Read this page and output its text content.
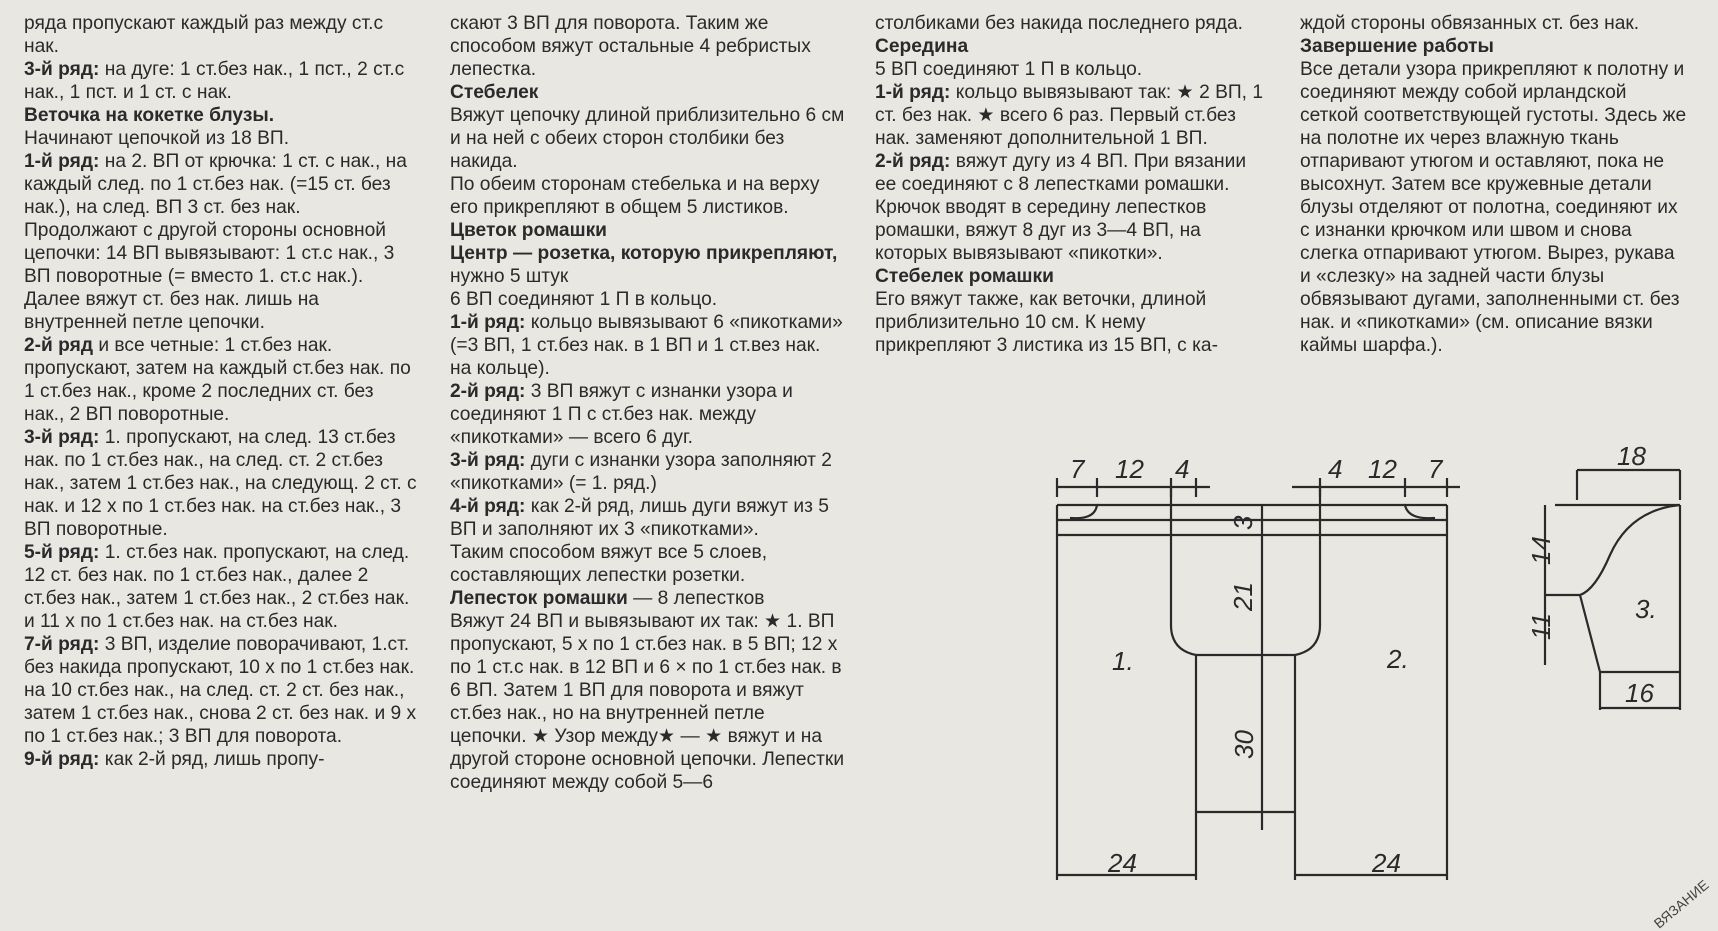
ряда пропускают каждый раз между ст.с нак.

3-й ряд: на дуге: 1 ст.без нак., 1 пст., 2 ст.с нак., 1 пст. и 1 ст. с нак.

Веточка на кокетке блузы.

Начинают цепочкой из 18 ВП.

1-й ряд: на 2. ВП от крючка: 1 ст. с нак., на каждый след. по 1 ст.без нак. (=15 ст. без нак.), на след. ВП 3 ст. без нак. Продолжают с другой стороны основной цепочки: 14 ВП вывязывают: 1 ст.с нак., 3 ВП поворотные (= вместо 1. ст.с нак.). Далее вяжут ст. без нак. лишь на внутренней петле цепочки.

2-й ряд и все четные: 1 ст.без нак. пропускают, затем на каждый ст.без нак. по 1 ст.без нак., кроме 2 последних ст. без нак., 2 ВП поворотные.

3-й ряд: 1. пропускают, на след. 13 ст.без нак. по 1 ст.без нак., на след. ст. 2 ст.без нак., затем 1 ст.без нак., на следующ. 2 ст. с нак. и 12 х по 1 ст.без нак. на ст.без нак., 3 ВП поворотные.

5-й ряд: 1. ст.без нак. пропускают, на след. 12 ст. без нак. по 1 ст.без нак., далее 2 ст.без нак., затем 1 ст.без нак., 2 ст.без нак. и 11 х по 1 ст.без нак. на ст.без нак.

7-й ряд: 3 ВП, изделие поворачивают, 1.ст. без накида пропускают, 10 х по 1 ст.без нак. на 10 ст.без нак., на след. ст. 2 ст. без нак., затем 1 ст.без нак., снова 2 ст. без нак. и 9 х по 1 ст.без нак.; 3 ВП для поворота.

9-й ряд: как 2-й ряд, лишь пропу-

скают 3 ВП для поворота. Таким же способом вяжут остальные 4 ребристых лепестка.

Стебелек

Вяжут цепочку длиной приблизительно 6 см и на ней с обеих сторон столбики без накида.

По обеим сторонам стебелька и на верху его прикрепляют в общем 5 листиков.

Цветок ромашки

Центр — розетка, которую прикрепляют, нужно 5 штук

6 ВП соединяют 1 П в кольцо.

1-й ряд: кольцо вывязывают 6 «пикотками» (=3 ВП, 1 ст.без нак. в 1 ВП и 1 ст.вез нак. на кольце).

2-й ряд: 3 ВП вяжут с изнанки узора и соединяют 1 П с ст.без нак. между «пикотками» — всего 6 дуг.

3-й ряд: дуги с изнанки узора заполняют 2 «пикотками» (= 1. ряд.)

4-й ряд: как 2-й ряд, лишь дуги вяжут из 5 ВП и заполняют их 3 «пикотками».

Таким способом вяжут все 5 слоев, составляющих лепестки розетки.

Лепесток ромашки — 8 лепестков

Вяжут 24 ВП и вывязывают их так: ★ 1. ВП пропускают, 5 х по 1 ст.без нак. в 5 ВП; 12 х по 1 ст.с нак. в 12 ВП и 6 × по 1 ст.без нак. в 6 ВП. Затем 1 ВП для поворота и вяжут ст.без нак., но на внутренней петле цепочки. ★ Узор между★ — ★ вяжут и на другой стороне основной цепочки. Лепестки соединяют между собой 5—6

столбиками без накида последнего ряда.

Середина

5 ВП соединяют 1 П в кольцо.

1-й ряд: кольцо вывязывают так: ★ 2 ВП, 1 ст. без нак. ★ всего 6 раз. Первый ст.без нак. заменяют дополнительной 1 ВП.

2-й ряд: вяжут дугу из 4 ВП. При вязании ее соединяют с 8 лепестками ромашки. Крючок вводят в середину лепестков ромашки, вяжут 8 дуг из 3—4 ВП, на которых вывязывают «пикотки».

Стебелек ромашки

Его вяжут также, как веточки, длиной приблизительно 10 см. К нему прикрепляют 3 листика из 15 ВП, с ка-

ждой стороны обвязанных ст. без нак.

Завершение работы

Все детали узора прикрепляют к полотну и соединяют между собой ирландской сеткой соответствующей густоты. Здесь же на полотне их через влажную ткань отпаривают утюгом и оставляют, пока не высохнут. Затем все кружевные детали блузы отделяют от полотна, соединяют их с изнанки крючком или швом и снова слегка отпаривают утюгом. Вырез, рукава и «слезку» на задней части блузы обвязывают дугами, заполненными ст. без нак. и «пикотками» (см. описание вязки каймы шарфа.).

7 12 4	4 12 7
3
21
30
24	24
1.	2.
18
14
11
16
3.
ВЯЗАНИЕ
